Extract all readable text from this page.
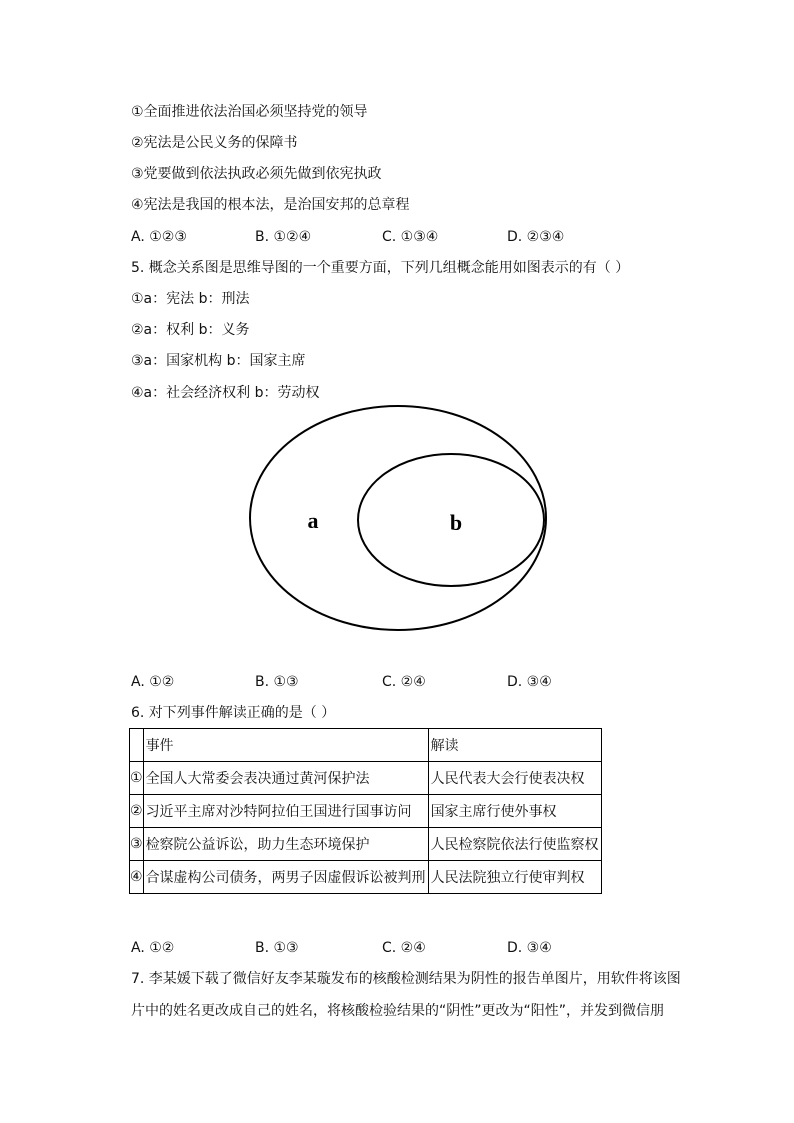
①全面推进依法治国必须坚持党的领导
②宪法是公民义务的保障书
③党要做到依法执政必须先做到依宪执政
④宪法是我国的根本法，是治国安邦的总章程
A. ①②③	B. ①②④	C. ①③④	D. ②③④
5. 概念关系图是思维导图的一个重要方面，下列几组概念能用如图表示的有（ ）
①a：宪法 b：刑法
②a：权利 b：义务
③a：国家机构 b：国家主席
④a：社会经济权利 b：劳动权
a	b
A. ①②	B. ①③	C. ②④	D. ③④
6. 对下列事件解读正确的是（ ）
	事件	解读
①	全国人大常委会表决通过黄河保护法	人民代表大会行使表决权
②	习近平主席对沙特阿拉伯王国进行国事访问	国家主席行使外事权
③	检察院公益诉讼，助力生态环境保护	人民检察院依法行使监察权
④	合谋虚构公司债务，两男子因虚假诉讼被判刑	人民法院独立行使审判权
A. ①②	B. ①③	C. ②④	D. ③④
7. 李某媛下载了微信好友李某璇发布的核酸检测结果为阴性的报告单图片，用软件将该图
片中的姓名更改成自己的姓名，将核酸检验结果的“阴性”更改为“阳性”，并发到微信朋
